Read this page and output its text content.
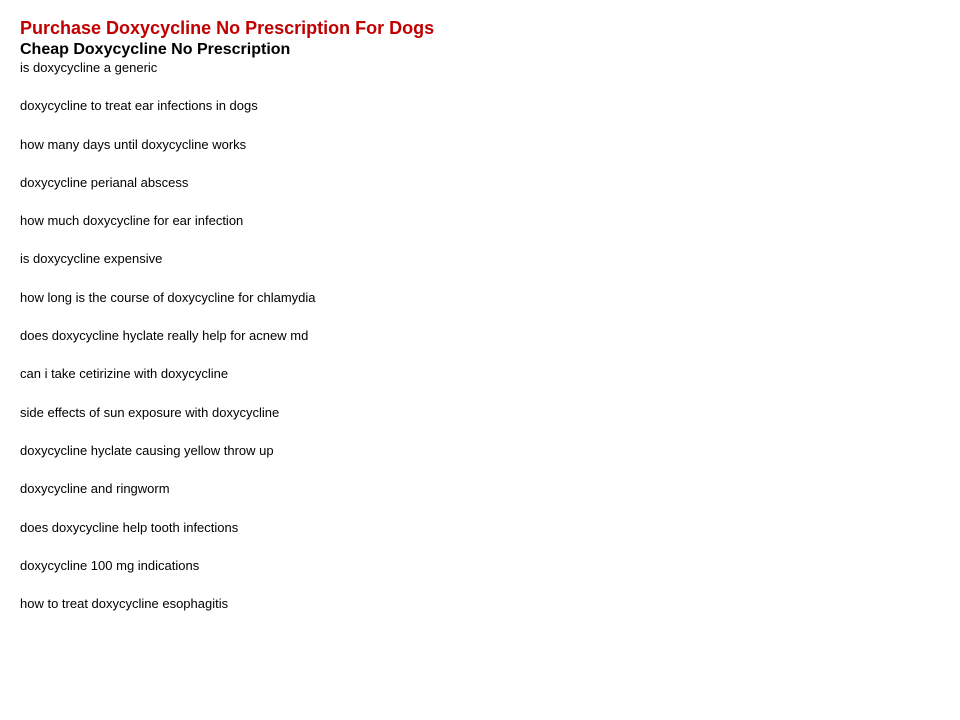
Purchase Doxycycline No Prescription For Dogs
Cheap Doxycycline No Prescription
is doxycycline a generic
doxycycline to treat ear infections in dogs
how many days until doxycycline works
doxycycline perianal abscess
how much doxycycline for ear infection
is doxycycline expensive
how long is the course of doxycycline for chlamydia
does doxycycline hyclate really help for acnew md
can i take cetirizine with doxycycline
side effects of sun exposure with doxycycline
doxycycline hyclate causing yellow throw up
doxycycline and ringworm
does doxycycline help tooth infections
doxycycline 100 mg indications
how to treat doxycycline esophagitis
